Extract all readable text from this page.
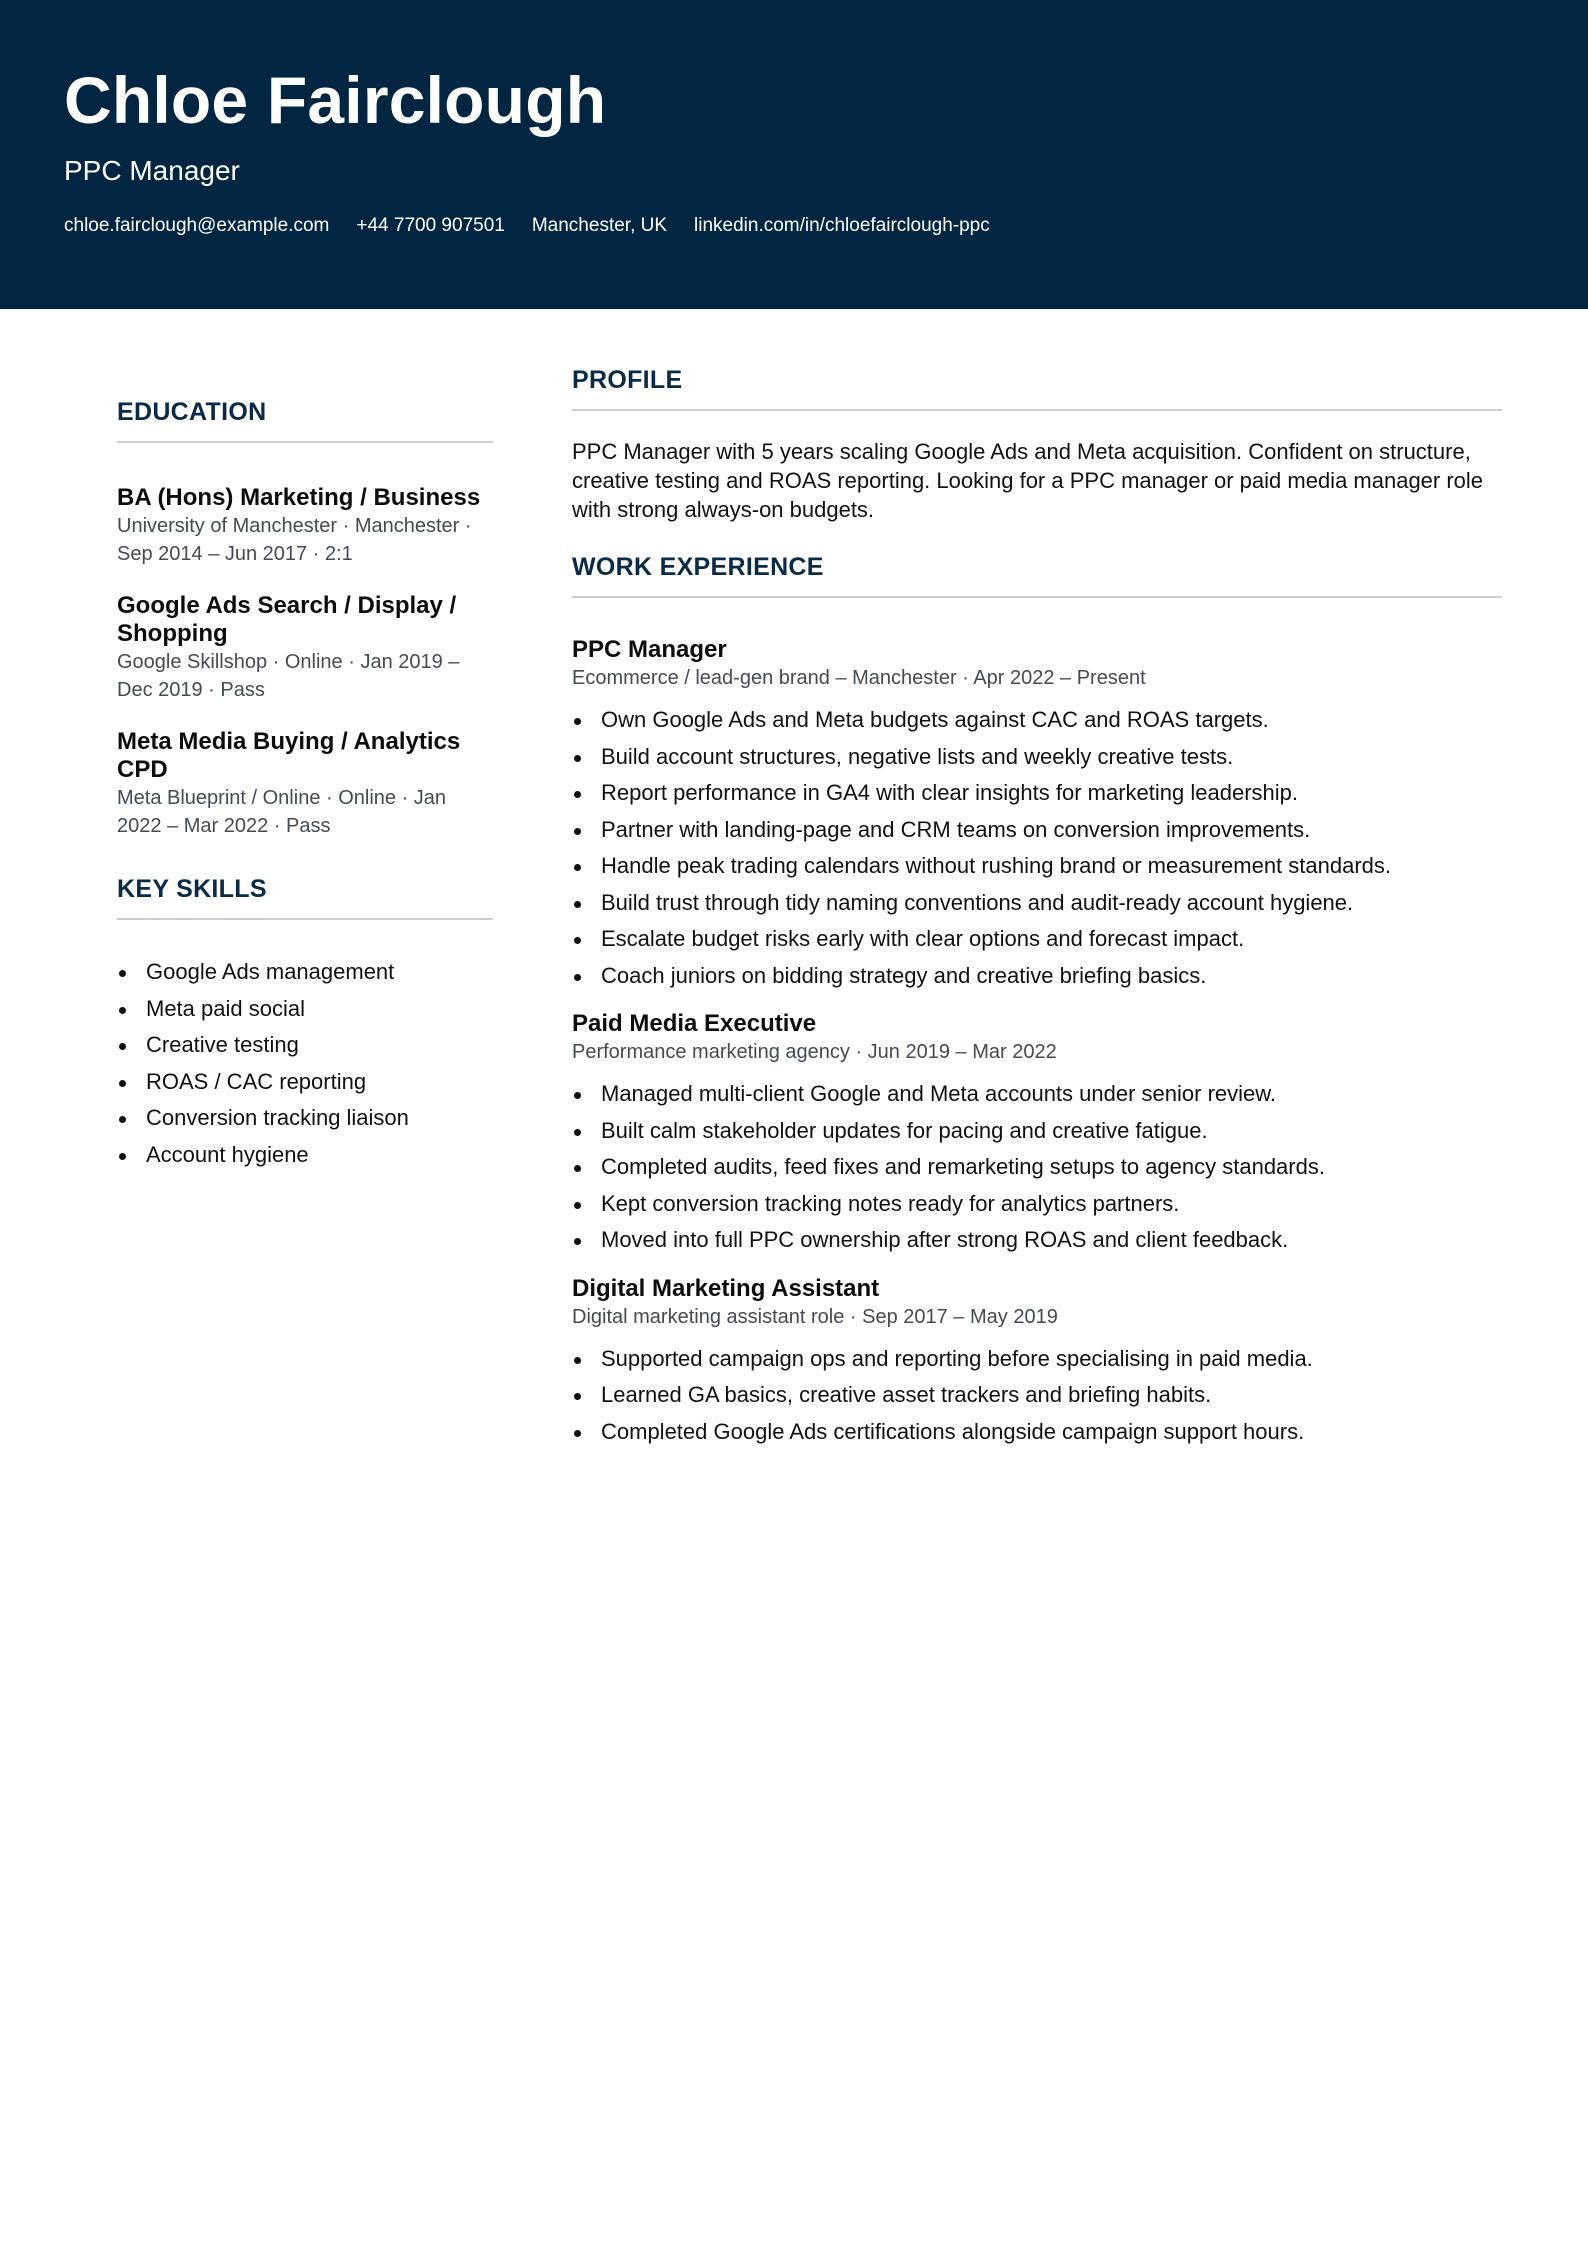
Chloe Fairclough
PPC Manager
chloe.fairclough@example.com +44 7700 907501 Manchester, UK linkedin.com/in/chloefairclough-ppc
EDUCATION
BA (Hons) Marketing / Business
University of Manchester · Manchester · Sep 2014 – Jun 2017 · 2:1
Google Ads Search / Display / Shopping
Google Skillshop · Online · Jan 2019 – Dec 2019 · Pass
Meta Media Buying / Analytics CPD
Meta Blueprint / Online · Online · Jan 2022 – Mar 2022 · Pass
KEY SKILLS
Google Ads management
Meta paid social
Creative testing
ROAS / CAC reporting
Conversion tracking liaison
Account hygiene
PROFILE

PPC Manager with 5 years scaling Google Ads and Meta acquisition. Confident on structure, creative testing and ROAS reporting. Looking for a PPC manager or paid media manager role with strong always-on budgets.

WORK EXPERIENCE
PPC Manager
Ecommerce / lead-gen brand – Manchester · Apr 2022 – Present
Own Google Ads and Meta budgets against CAC and ROAS targets.
Build account structures, negative lists and weekly creative tests.
Report performance in GA4 with clear insights for marketing leadership.
Partner with landing-page and CRM teams on conversion improvements.
Handle peak trading calendars without rushing brand or measurement standards.
Build trust through tidy naming conventions and audit-ready account hygiene.
Escalate budget risks early with clear options and forecast impact.
Coach juniors on bidding strategy and creative briefing basics.
Paid Media Executive
Performance marketing agency · Jun 2019 – Mar 2022
Managed multi-client Google and Meta accounts under senior review.
Built calm stakeholder updates for pacing and creative fatigue.
Completed audits, feed fixes and remarketing setups to agency standards.
Kept conversion tracking notes ready for analytics partners.
Moved into full PPC ownership after strong ROAS and client feedback.
Digital Marketing Assistant
Digital marketing assistant role · Sep 2017 – May 2019
Supported campaign ops and reporting before specialising in paid media.
Learned GA basics, creative asset trackers and briefing habits.
Completed Google Ads certifications alongside campaign support hours.
